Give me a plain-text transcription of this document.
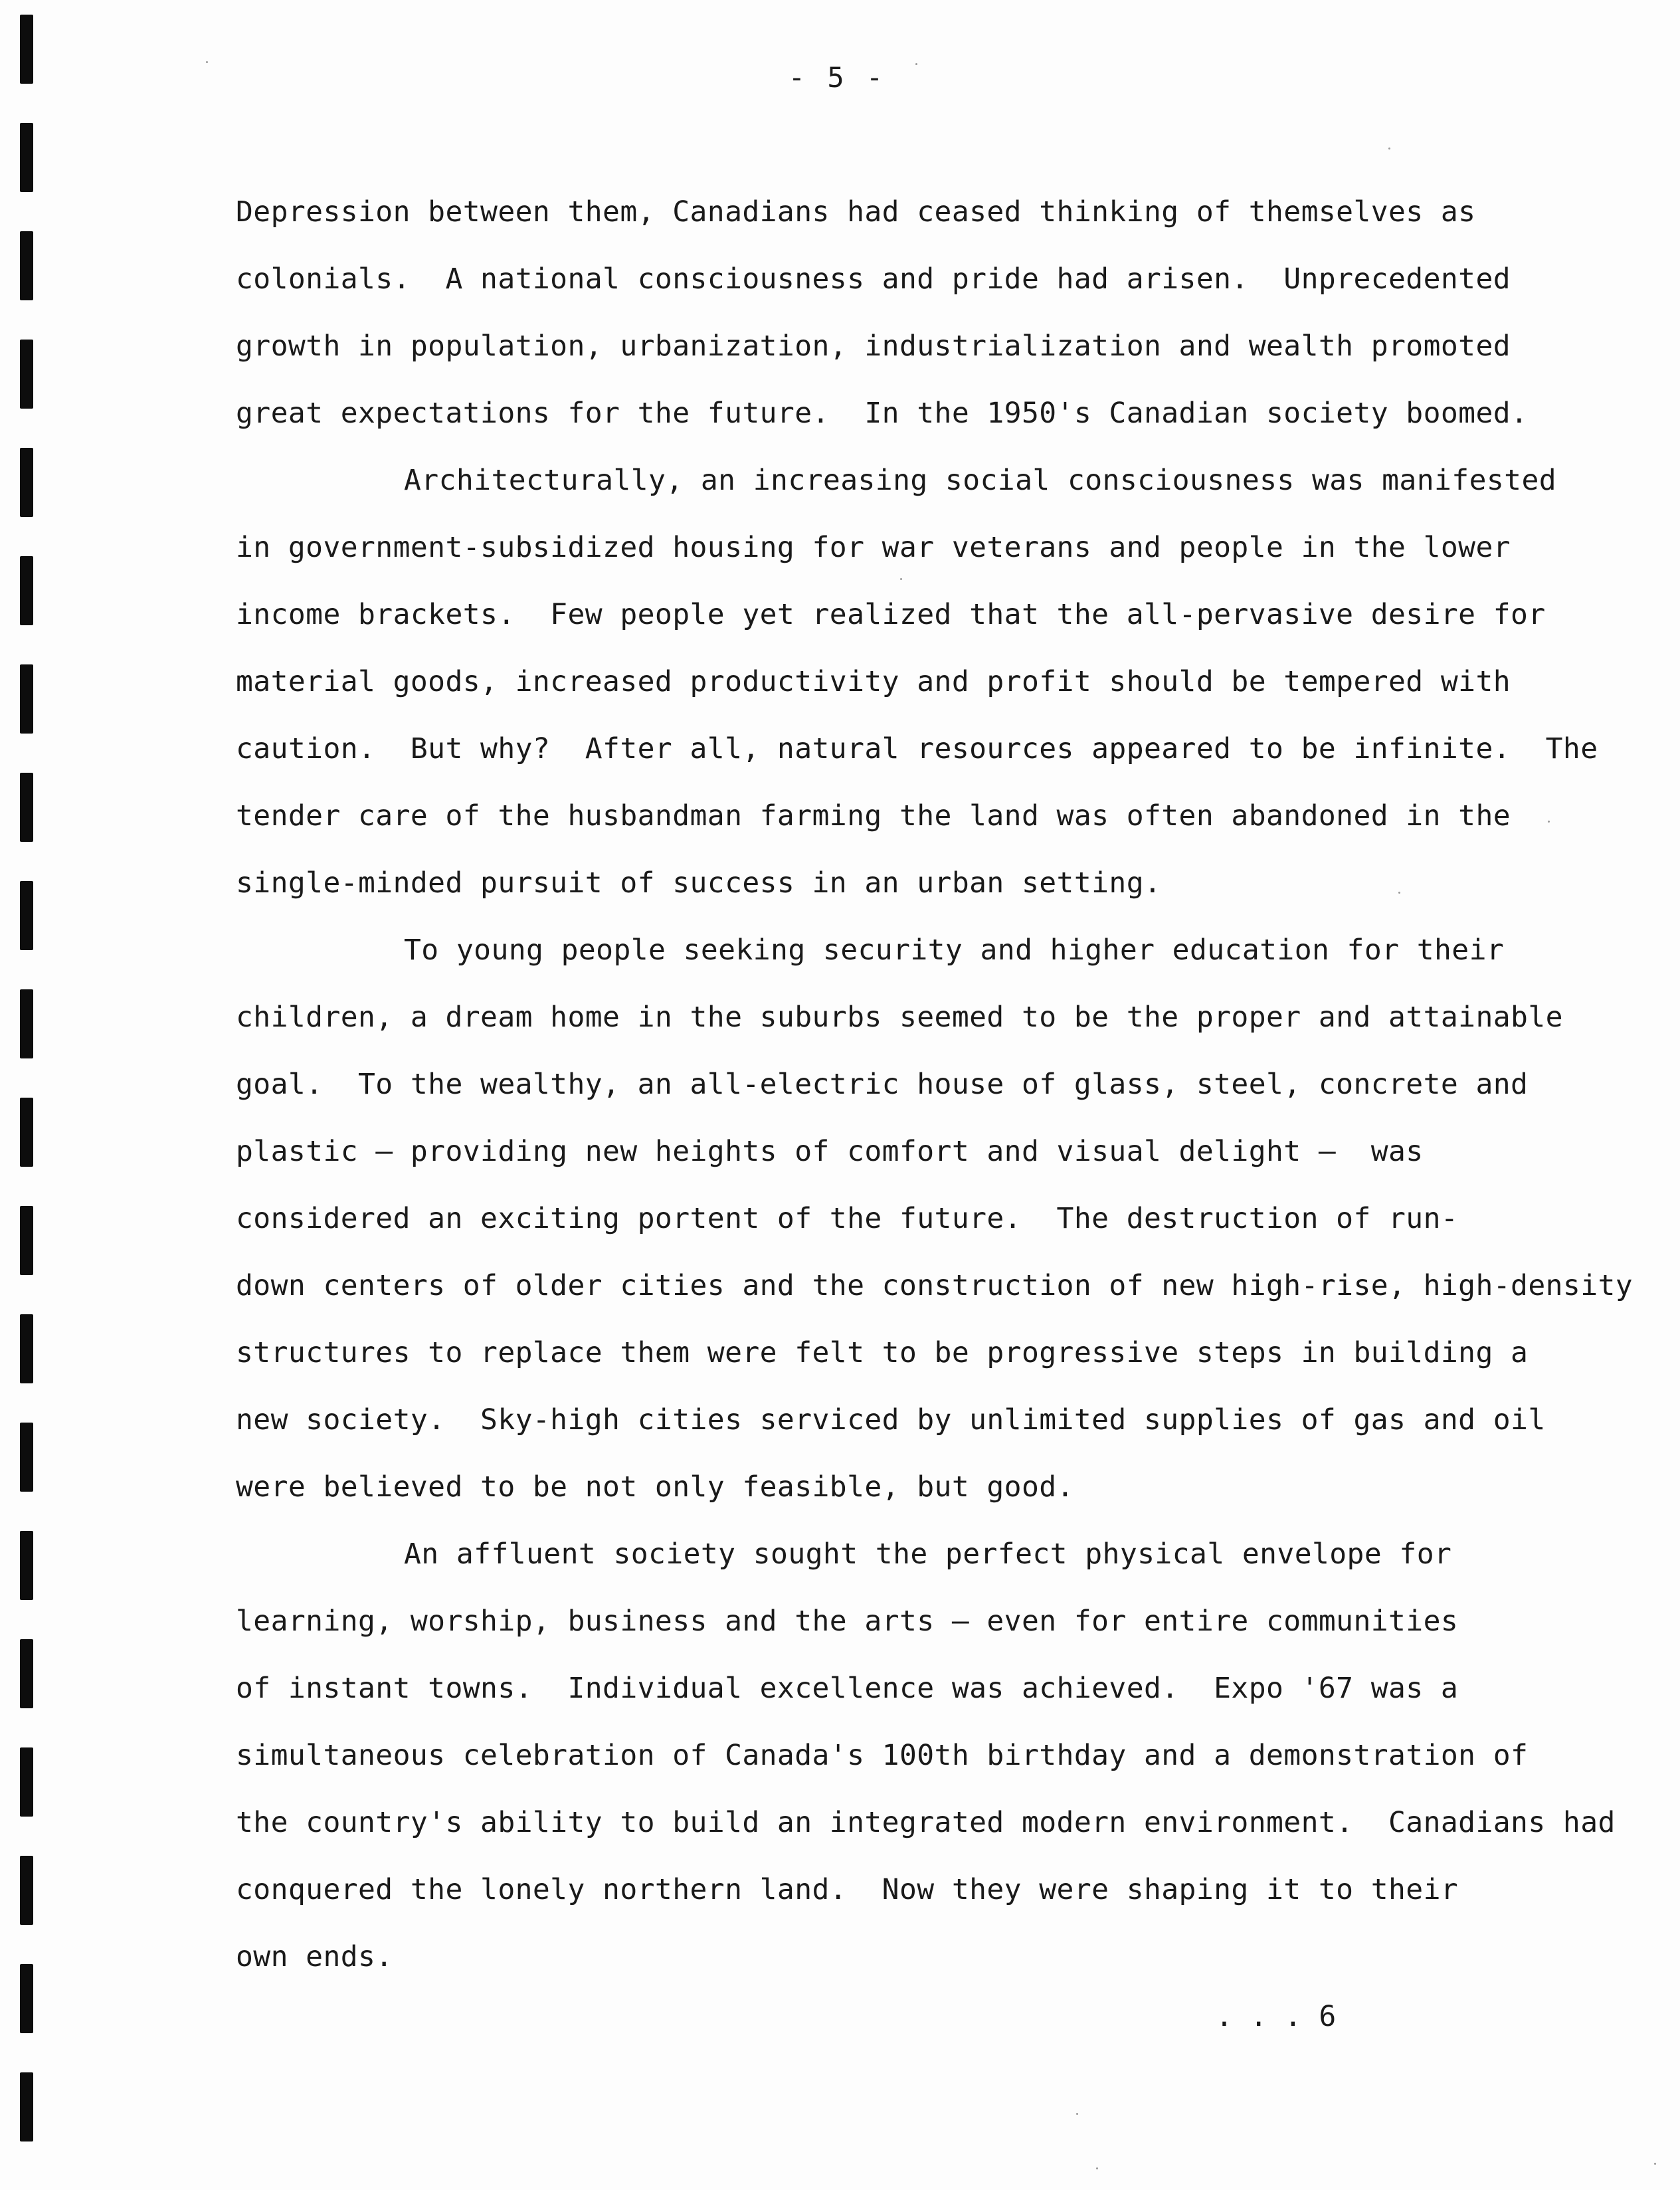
- 5 -
Depression between them, Canadians had ceased thinking of themselves as
colonials.  A national consciousness and pride had arisen.  Unprecedented
growth in population, urbanization, industrialization and wealth promoted
great expectations for the future.  In the 1950's Canadian society boomed.
Architecturally, an increasing social consciousness was manifested
in government-subsidized housing for war veterans and people in the lower
income brackets.  Few people yet realized that the all-pervasive desire for
material goods, increased productivity and profit should be tempered with
caution.  But why?  After all, natural resources appeared to be infinite.  The
tender care of the husbandman farming the land was often abandoned in the
single-minded pursuit of success in an urban setting.
To young people seeking security and higher education for their
children, a dream home in the suburbs seemed to be the proper and attainable
goal.  To the wealthy, an all-electric house of glass, steel, concrete and
plastic — providing new heights of comfort and visual delight —  was
considered an exciting portent of the future.  The destruction of run-
down centers of older cities and the construction of new high-rise, high-density
structures to replace them were felt to be progressive steps in building a
new society.  Sky-high cities serviced by unlimited supplies of gas and oil
were believed to be not only feasible, but good.
An affluent society sought the perfect physical envelope for
learning, worship, business and the arts — even for entire communities
of instant towns.  Individual excellence was achieved.  Expo '67 was a
simultaneous celebration of Canada's 100th birthday and a demonstration of
the country's ability to build an integrated modern environment.  Canadians had
conquered the lonely northern land.  Now they were shaping it to their
own ends.
. . . 6
